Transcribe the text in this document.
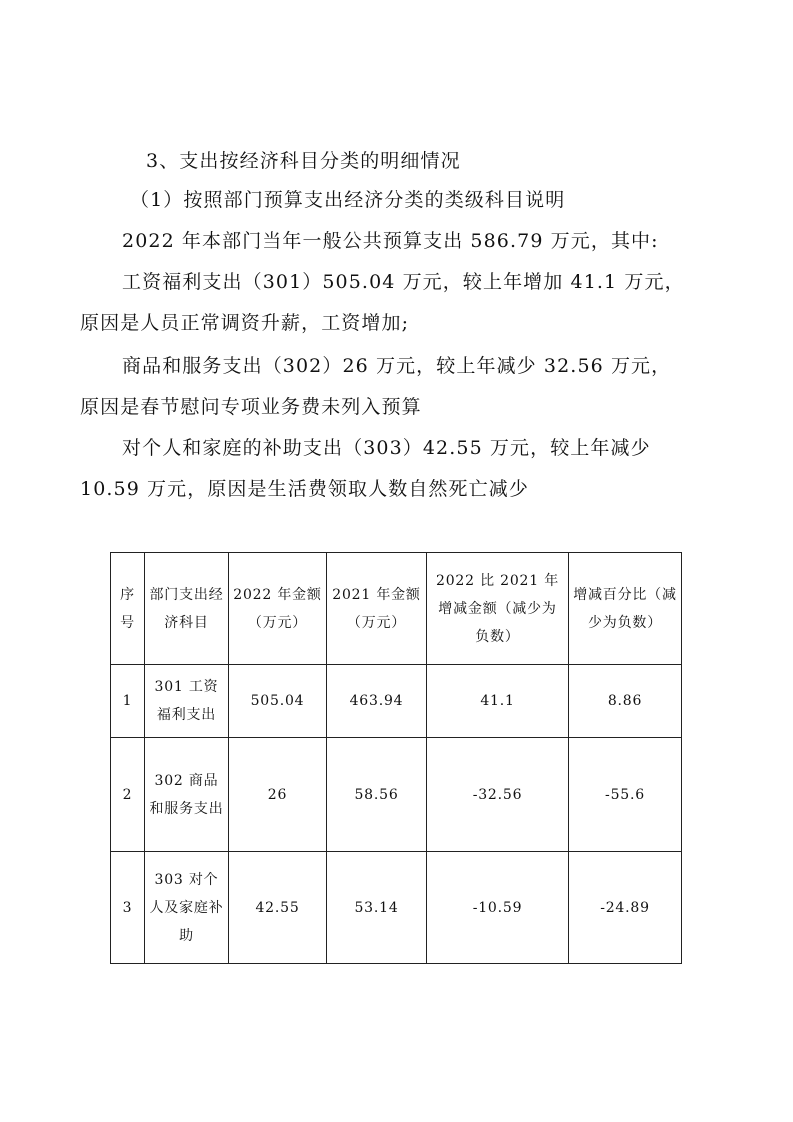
3、支出按经济科目分类的明细情况

（1）按照部门预算支出经济分类的类级科目说明

2022 年本部门当年一般公共预算支出 586.79 万元，其中:

工资福利支出（301）505.04 万元，较上年增加 41.1 万元，

原因是人员正常调资升薪，工资增加;

商品和服务支出（302）26 万元，较上年减少 32.56 万元，

原因是春节慰问专项业务费未列入预算

对个人和家庭的补助支出（303）42.55 万元，较上年减少

10.59 万元，原因是生活费领取人数自然死亡减少

序号	部门支出经济科目	2022 年金额（万元）	2021 年金额（万元）	2022 比 2021 年增减金额（减少为负数）	增减百分比（减少为负数）
1	301 工资福利支出	505.04	463.94	41.1	8.86
2	302 商品和服务支出	26	58.56	-32.56	-55.6
3	303 对个人及家庭补助	42.55	53.14	-10.59	-24.89
